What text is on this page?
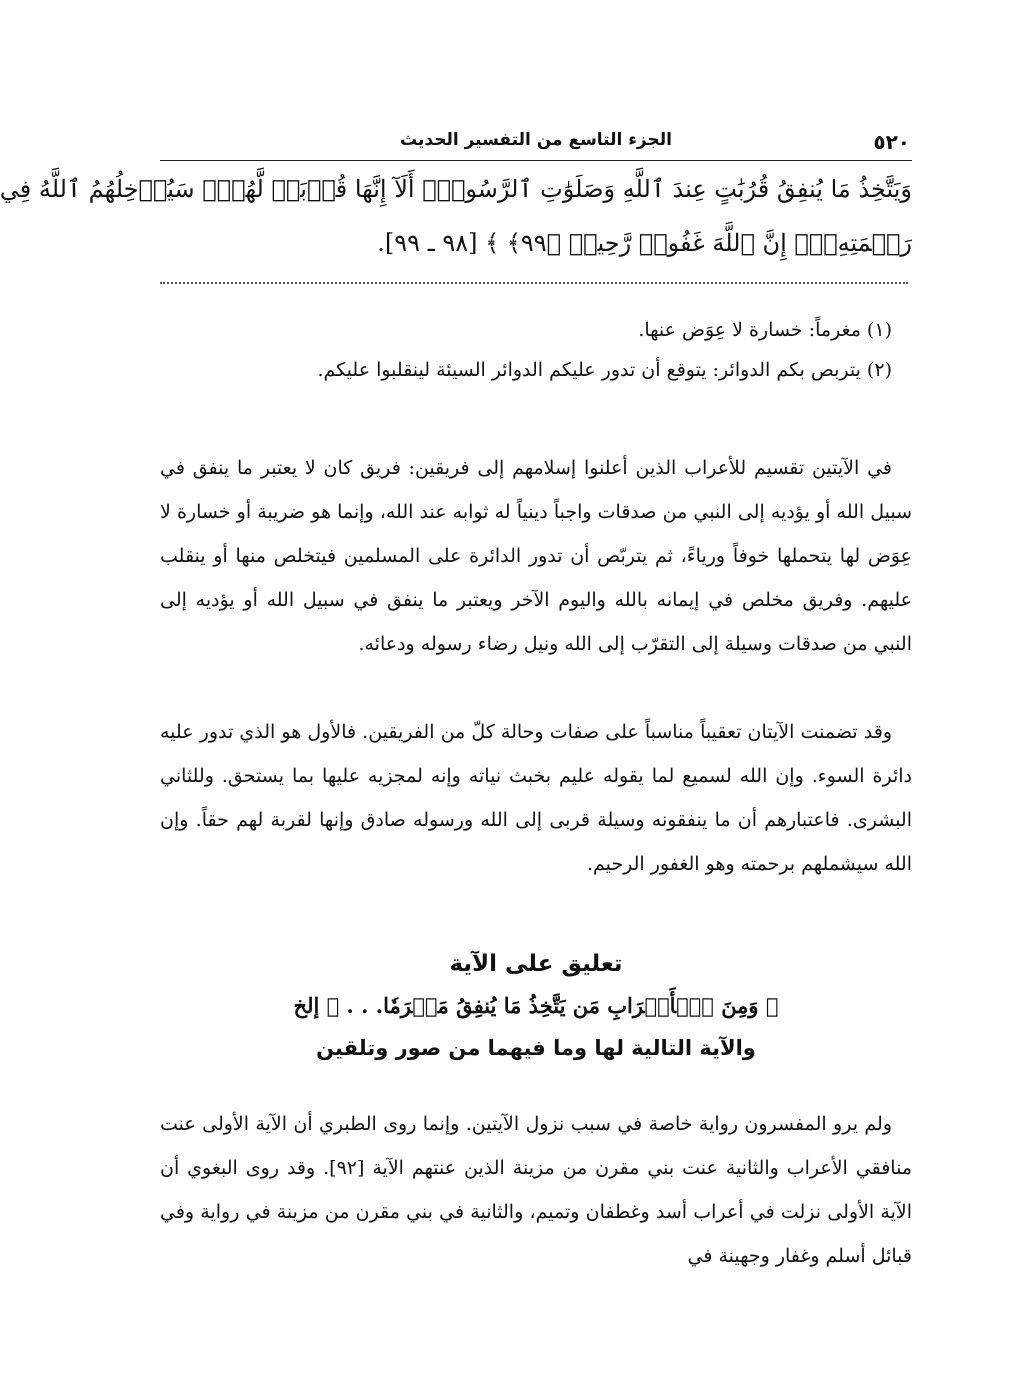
٥٢٠
الجزء التاسع من التفسير الحديث
وَيَتَّخِذُ مَا يُنفِقُ قُرُبَٰتٍ عِندَ ٱللَّهِ وَصَلَوَٰتِ ٱلرَّسُولِۚ أَلَآ إِنَّهَا قُرۡبَةٞ لَّهُمۡۚ سَيُدۡخِلُهُمُ ٱللَّهُ فِي
رَحۡمَتِهِۦٓۚ إِنَّ ٱللَّهَ غَفُورٞ رَّحِيمٞ ﴿٩٩﴾ ﴾ [٩٨ ـ ٩٩].

(١) مغرماً: خسارة لا عِوَض عنها.

(٢) يتربص بكم الدوائر: يتوقع أن تدور عليكم الدوائر السيئة لينقلبوا عليكم.

في الآيتين تقسيم للأعراب الذين أعلنوا إسلامهم إلى فريقين: فريق كان لا يعتبر ما ينفق في سبيل الله أو يؤديه إلى النبي من صدقات واجباً دينياً له ثوابه عند الله، وإنما هو ضريبة أو خسارة لا عِوَض لها يتحملها خوفاً ورياءً، ثم يتربّص أن تدور الدائرة على المسلمين فيتخلص منها أو ينقلب عليهم. وفريق مخلص في إيمانه بالله واليوم الآخر ويعتبر ما ينفق في سبيل الله أو يؤديه إلى النبي من صدقات وسيلة إلى التقرّب إلى الله ونيل رضاء رسوله ودعائه.

وقد تضمنت الآيتان تعقيباً مناسباً على صفات وحالة كلّ من الفريقين. فالأول هو الذي تدور عليه دائرة السوء. وإن الله لسميع لما يقوله عليم بخبث نياته وإنه لمجزيه عليها بما يستحق. وللثاني البشرى. فاعتبارهم أن ما ينفقونه وسيلة قربى إلى الله ورسوله صادق وإنها لقربة لهم حقاً. وإن الله سيشملهم برحمته وهو الغفور الرحيم.

تعليق على الآية
﴿ وَمِنَ ٱلۡأَعۡرَابِ مَن يَتَّخِذُ مَا يُنفِقُ مَغۡرَمٗا. . . ﴾ إلخ
والآية التالية لها وما فيهما من صور وتلقين

ولم يرو المفسرون رواية خاصة في سبب نزول الآيتين. وإنما روى الطبري أن الآية الأولى عنت منافقي الأعراب والثانية عنت بني مقرن من مزينة الذين عنتهم الآية [٩٢]. وقد روى البغوي أن الآية الأولى نزلت في أعراب أسد وغطفان وتميم، والثانية في بني مقرن من مزينة في رواية وفي قبائل أسلم وغفار وجهينة في
